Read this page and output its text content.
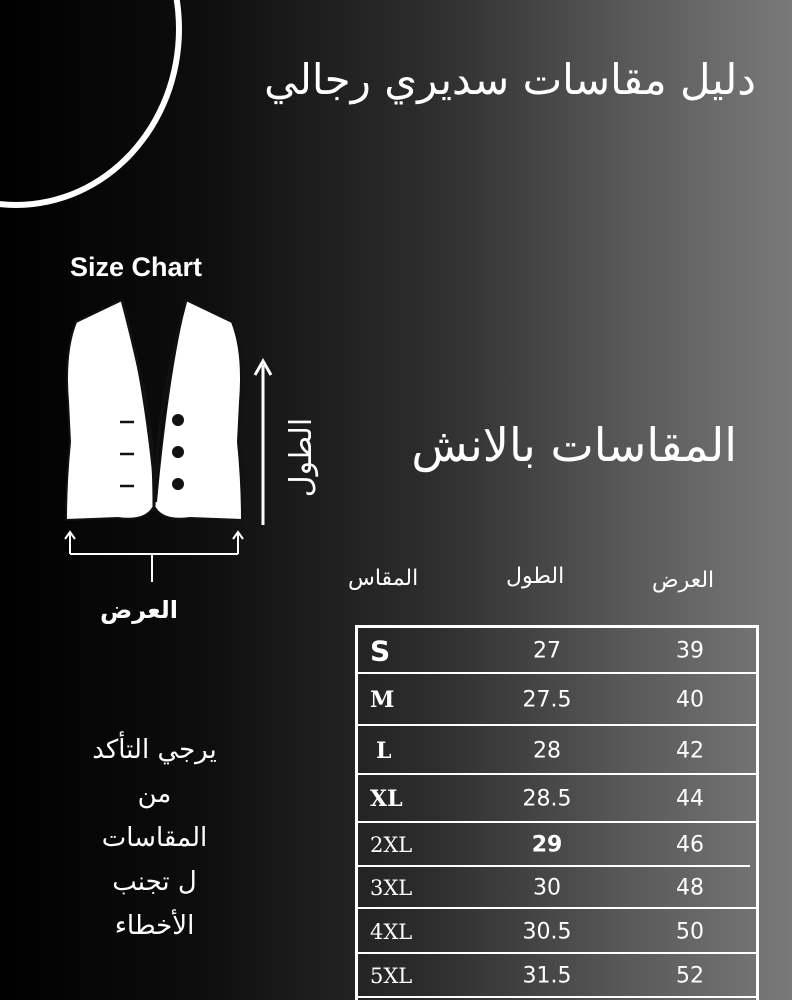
دليل مقاسات سديري رجالي
Size Chart
الطول
العرض
يرجي التأكد
من
المقاسات
ل تجنب
الأخطاء
المقاسات بالانش
المقاس	الطول	العرض
S	27	39
M	27.5	40
L	28	42
XL	28.5	44
2XL	29	46
3XL	30	48
4XL	30.5	50
5XL	31.5	52
